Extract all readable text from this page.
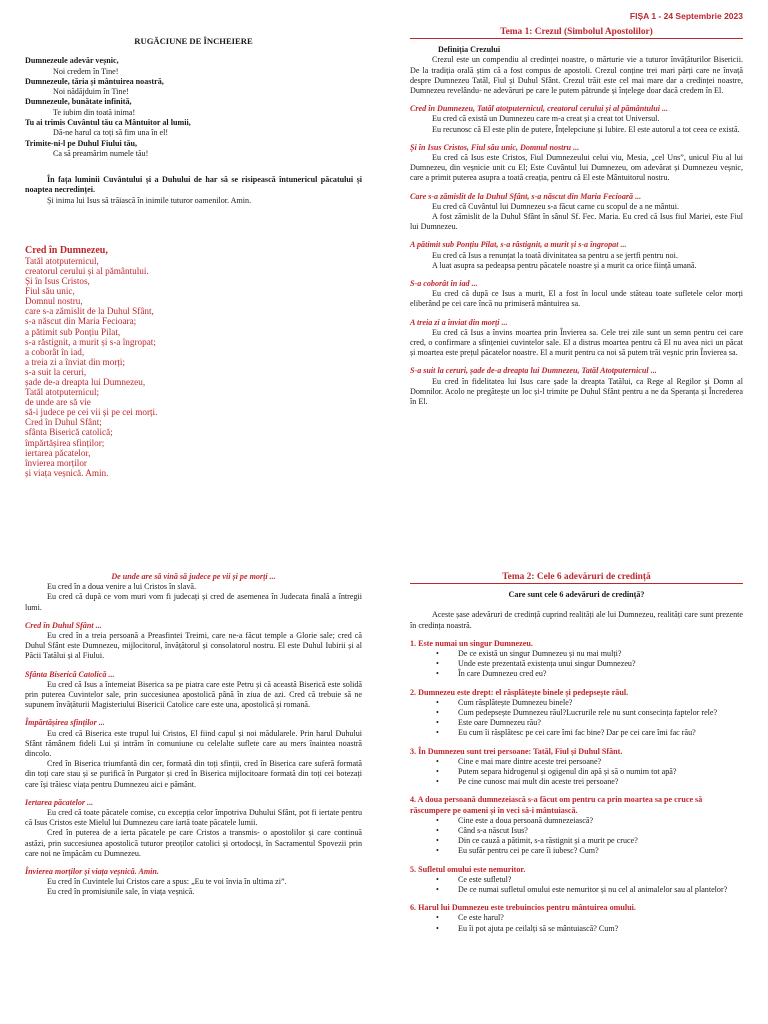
FIȘA 1 - 24 Septembrie 2023

RUGĂCIUNE DE ÎNCHEIERE

Dumnezeule adevăr veșnic,

Noi credem în Tine!

Dumnezeule, tăria și mântuirea noastră,

Noi nădăjduim în Tine!

Dumnezeule, bunătate infinită,

Te iubim din toată inima!

Tu ai trimis Cuvântul tău ca Mântuitor al lumii,

Dă-ne harul ca toți să fim una în el!

Trimite-ni-l pe Duhul Fiului tău,

Ca să preamărim numele tău!

În fața luminii Cuvântului și a Duhului de har să se risipească întunericul păcatului și noaptea necredinței.

Și inima lui Isus să trăiască în inimile tuturor oamenilor. Amin.

Cred în Dumnezeu,

Tatăl atotputernicul,

creatorul cerului și al pământului.

Și în Isus Cristos,

Fiul său unic,

Domnul nostru,

care s-a zămislit de la Duhul Sfânt,

s-a născut din Maria Fecioara;

a pătimit sub Ponțiu Pilat,

s-a răstignit, a murit și s-a îngropat;

a coborât în iad,

a treia zi a înviat din morți;

s-a suit la ceruri,

șade de-a dreapta lui Dumnezeu,

Tatăl atotputernicul;

de unde are să vie

să-i judece pe cei vii și pe cei morți.

Cred în Duhul Sfânt;

sfânta Biserică catolică;

împărtășirea sfinților;

iertarea păcatelor,

învierea morților

și viața veșnică. Amin.

Tema 1: Crezul (Simbolul Apostolilor)

Definiția Crezului

Crezul este un compendiu al credinței noastre, o mărturie vie a tuturor învățăturilor Bisericii. De la tradiția orală știm că a fost compus de apostoli. Crezul conține trei mari părți care ne învață despre Dumnezeu Tatăl, Fiul și Duhul Sfânt. Crezul trăit este cel mai mare dar a credinței noastre, Dumnezeu revelându- ne adevăruri pe care le putem pătrunde și înțelege doar dacă credem în El.

Cred în Dumnezeu, Tatăl atotputernicul, creatorul cerului și al pământului ...

Eu cred că există un Dumnezeu care m-a creat și a creat tot Universul.

Eu recunosc că El este plin de putere, Înțelepciune și Iubire. El este autorul a tot ceea ce există.

Și în Isus Cristos, Fiul său unic, Domnul nostru ...

Eu cred că Isus este Cristos, Fiul Dumnezeului celui viu, Mesia, „cel Uns”, unicul Fiu al lui Dumnezeu, din veșnicie unit cu El; Este Cuvântul lui Dumnezeu, om adevărat și Dumnezeu veșnic, care a primit puterea asupra a toată creația, pentru că El este Mântuitorul nostru.

Care s-a zămislit de la Duhul Sfânt, s-a născut din Maria Fecioară ...

Eu cred că Cuvântul lui Dumnezeu s-a făcut carne cu scopul de a ne mântui.

A fost zămislit de la Duhul Sfânt în sânul Sf. Fec. Maria. Eu cred că Isus fiul Mariei, este Fiul lui Dumnezeu.

A pătimit sub Ponțiu Pilat, s-a răstignit, a murit și s-a îngropat ...

Eu cred că Isus a renunțat la toată divinitatea sa pentru a se jertfi pentru noi.

A luat asupra sa pedeapsa pentru păcatele noastre și a murit ca orice ființă umană.

S-a coborât în iad ...

Eu cred că după ce Isus a murit, El a fost în locul unde stăteau toate sufletele celor morți eliberând pe cei care încă nu primiseră mântuirea sa.

A treia zi a înviat din morți ...

Eu cred că Isus a învins moartea prin Învierea sa. Cele trei zile sunt un semn pentru cei care cred, o confirmare a sfințeniei cuvintelor sale. El a distrus moartea pentru că El nu avea nici un păcat și moartea este prețul păcatelor noastre. El a murit pentru ca noi să putem trăi veșnic prin Învierea sa.

S-a suit la ceruri, șade de-a dreapta lui Dumnezeu, Tatăl Atotputernicul ...

Eu cred în fidelitatea lui Isus care șade la dreapta Tatălui, ca Rege al Regilor și Domn al Domnilor. Acolo ne pregătește un loc și-l trimite pe Duhul Sfânt pentru a ne da Speranța și Încrederea în El.

De unde are să vină să judece pe vii și pe morți ...

Eu cred în a doua venire a lui Cristos în slavă.

Eu cred că după ce vom muri vom fi judecați și cred de asemenea în Judecata finală a întregii lumi.

Cred în Duhul Sfânt ...

Eu cred în a treia persoană a Preasfintei Treimi, care ne-a făcut temple a Glorie sale; cred că Duhul Sfânt este Dumnezeu, mijlocitorul, învățătorul și consolatorul nostru. El este Duhul Iubirii și al Păcii Tatălui și al Fiului.

Sfânta Biserică Catolică ...

Eu cred că Isus a întemeiat Biserica sa pe piatra care este Petru și că această Biserică este solidă prin puterea Cuvintelor sale, prin succesiunea apostolică până în ziua de azi. Cred că trebuie să ne supunem învățăturii Magisteriului Bisericii Catolice care este una, apostolică și romană.

Împărtășirea sfinților ...

Eu cred că Biserica este trupul lui Cristos, El fiind capul și noi mădularele. Prin harul Duhului Sfânt rămânem fideli Lui și intrăm în comuniune cu celelalte suflete care au mers înaintea noastră dincolo.

Cred în Biserica triumfantă din cer, formată din toți sfinții, cred în Biserica care suferă formată din toți care stau și se purifică în Purgator și cred în Biserica mijlocitoare formată din toți cei botezați care își trăiesc viața pentru Dumnezeu aici e pământ.

Iertarea păcatelor ...

Eu cred că toate păcatele comise, cu excepția celor împotriva Duhului Sfânt, pot fi iertate pentru că Isus Cristos este Mielul lui Dumnezeu care iartă toate păcatele lumii.

Cred în puterea de a ierta păcatele pe care Cristos a transmis- o apostolilor și care continuă astăzi, prin succesiunea apostolică tuturor preoților catolici și ortodocși, în Sacramentul Spovezii prin care noi ne împăcăm cu Dumnezeu.

Învierea morților și viața veșnică. Amin.

Eu cred în Cuvintele lui Cristos care a spus: „Eu te voi învia în ultima zi”.

Eu cred în promisiunile sale, în viața veșnică.

Tema 2: Cele 6 adevăruri de credință

Care sunt cele 6 adevăruri de credință?

Aceste șase adevăruri de credință cuprind realități ale lui Dumnezeu, realități care sunt prezente în credința noastră.

1. Este numai un singur Dumnezeu.

• De ce există un singur Dumnezeu și nu mai mulți?
• Unde este prezentată existența unui singur Dumnezeu?
• În care Dumnezeu cred eu?

2. Dumnezeu este drept: el răsplătește binele și pedepsește răul.

• Cum răsplătește Dumnezeu binele?
• Cum pedepsește Dumnezeu răul?Lucrurile rele nu sunt consecința faptelor rele?
• Este oare Dumnezeu rău?
• Eu cum îi răsplătesc pe cei care îmi fac bine? Dar pe cei care îmi fac rău?

3. În Dumnezeu sunt trei persoane: Tatăl, Fiul și Duhul Sfânt.

• Cine e mai mare dintre aceste trei persoane?
• Putem separa hidrogenul și ogigenul din apă și să o numim tot apă?
• Pe cine cunosc mai mult din aceste trei persoane?

4. A doua persoană dumnezeiască s-a făcut om pentru ca prin moartea sa pe cruce să răscumpere pe oameni și în veci să-i mântuiască.

• Cine este a doua persoană dumnezeiască?
• Când s-a născut Isus?
• Din ce cauză a pătimit, s-a răstignit și a murit pe cruce?
• Eu sufăr pentru cei pe care îi iubesc? Cum?

5. Sufletul omului este nemuritor.

• Ce este sufletul?
• De ce numai sufletul omului este nemuritor și nu cel al animalelor sau al plantelor?

6. Harul lui Dumnezeu este trebuincios pentru mântuirea omului.

• Ce este harul?
• Eu îi pot ajuta pe ceilalți să se mântuiască? Cum?
